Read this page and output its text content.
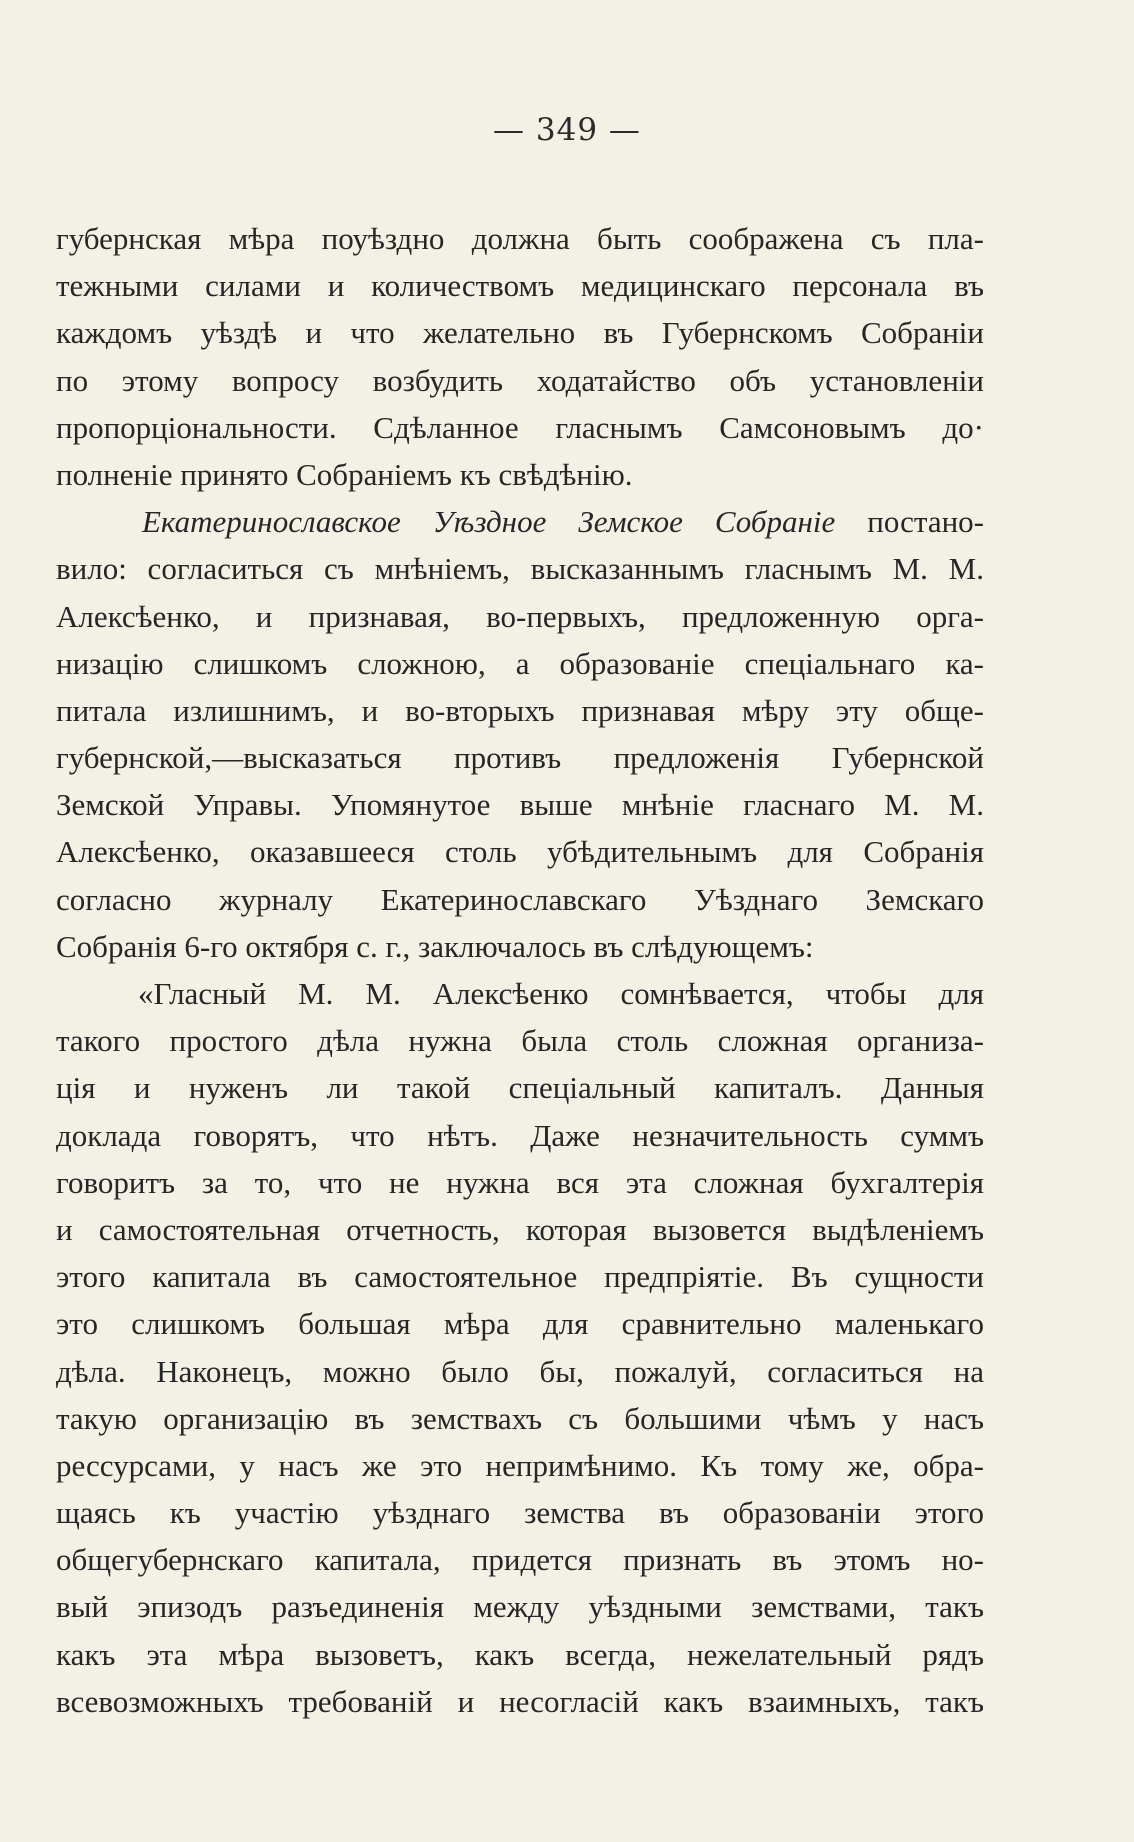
— 349 —
губернская мѣра поуѣздно должна быть соображена съ пла-
тежными силами и количествомъ медицинскаго персонала въ
каждомъ уѣздѣ и что желательно въ Губернскомъ Собраніи
по этому вопросу возбудить ходатайство объ установленіи
пропорціональности. Сдѣланное гласнымъ Самсоновымъ до·
полненіе принято Собраніемъ къ свѣдѣнію.
Екатеринославское Уѣздное Земское Собраніе постано-
вило: согласиться съ мнѣніемъ, высказаннымъ гласнымъ М. М.
Алексѣенко, и признавая, во-первыхъ, предложенную орга-
низацію слишкомъ сложною, а образованіе спеціальнаго ка-
питала излишнимъ, и во-вторыхъ признавая мѣру эту обще-
губернской,—высказаться противъ предложенія Губернской
Земской Управы. Упомянутое выше мнѣніе гласнаго М. М.
Алексѣенко, оказавшееся столь убѣдительнымъ для Собранія
согласно журналу Екатеринославскаго Уѣзднаго Земскаго
Собранія 6-го октября с. г., заключалось въ слѣдующемъ:
«Гласный М. М. Алексѣенко сомнѣвается, чтобы для
такого простого дѣла нужна была столь сложная организа-
ція и нуженъ ли такой спеціальный капиталъ. Данныя
доклада говорятъ, что нѣтъ. Даже незначительность суммъ
говоритъ за то, что не нужна вся эта сложная бухгалтерія
и самостоятельная отчетность, которая вызовется выдѣленіемъ
этого капитала въ самостоятельное предпріятіе. Въ сущности
это слишкомъ большая мѣра для сравнительно маленькаго
дѣла. Наконецъ, можно было бы, пожалуй, согласиться на
такую организацію въ земствахъ съ большими чѣмъ у насъ
рессурсами, у насъ же это непримѣнимо. Къ тому же, обра-
щаясь къ участію уѣзднаго земства въ образованіи этого
общегубернскаго капитала, придется признать въ этомъ но-
вый эпизодъ разъединенія между уѣздными земствами, такъ
какъ эта мѣра вызоветъ, какъ всегда, нежелательный рядъ
всевозможныхъ требованій и несогласій какъ взаимныхъ, такъ
